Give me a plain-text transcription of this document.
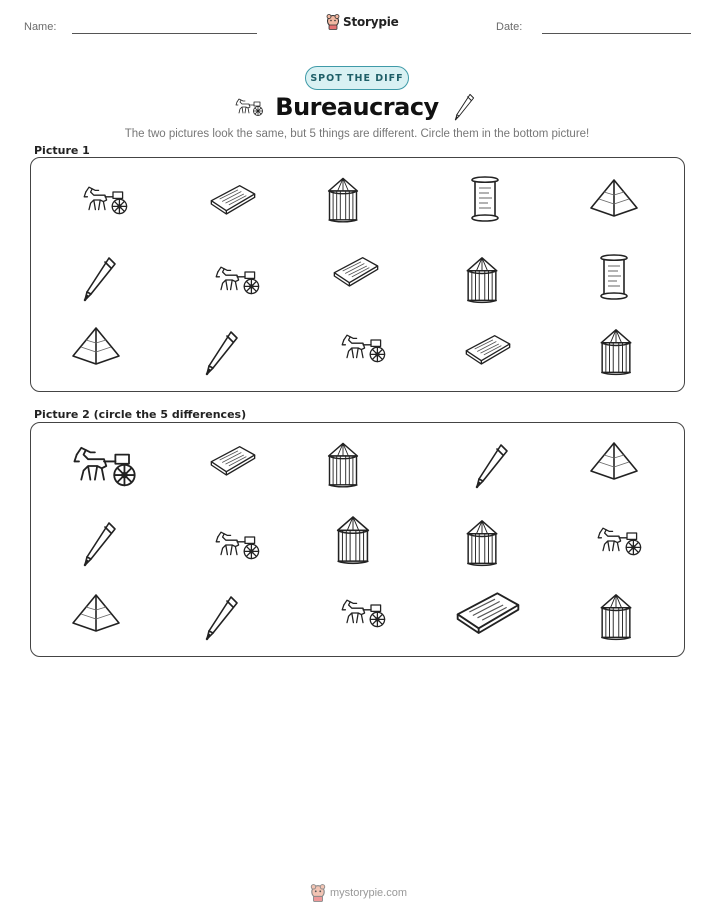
Name:	Storypie	Date:
SPOT THE DIFF
Bureaucracy
The two pictures look the same, but 5 things are different. Circle them in the bottom picture!
Picture 1
Picture 2 (circle the 5 differences)
mystorypie.com
